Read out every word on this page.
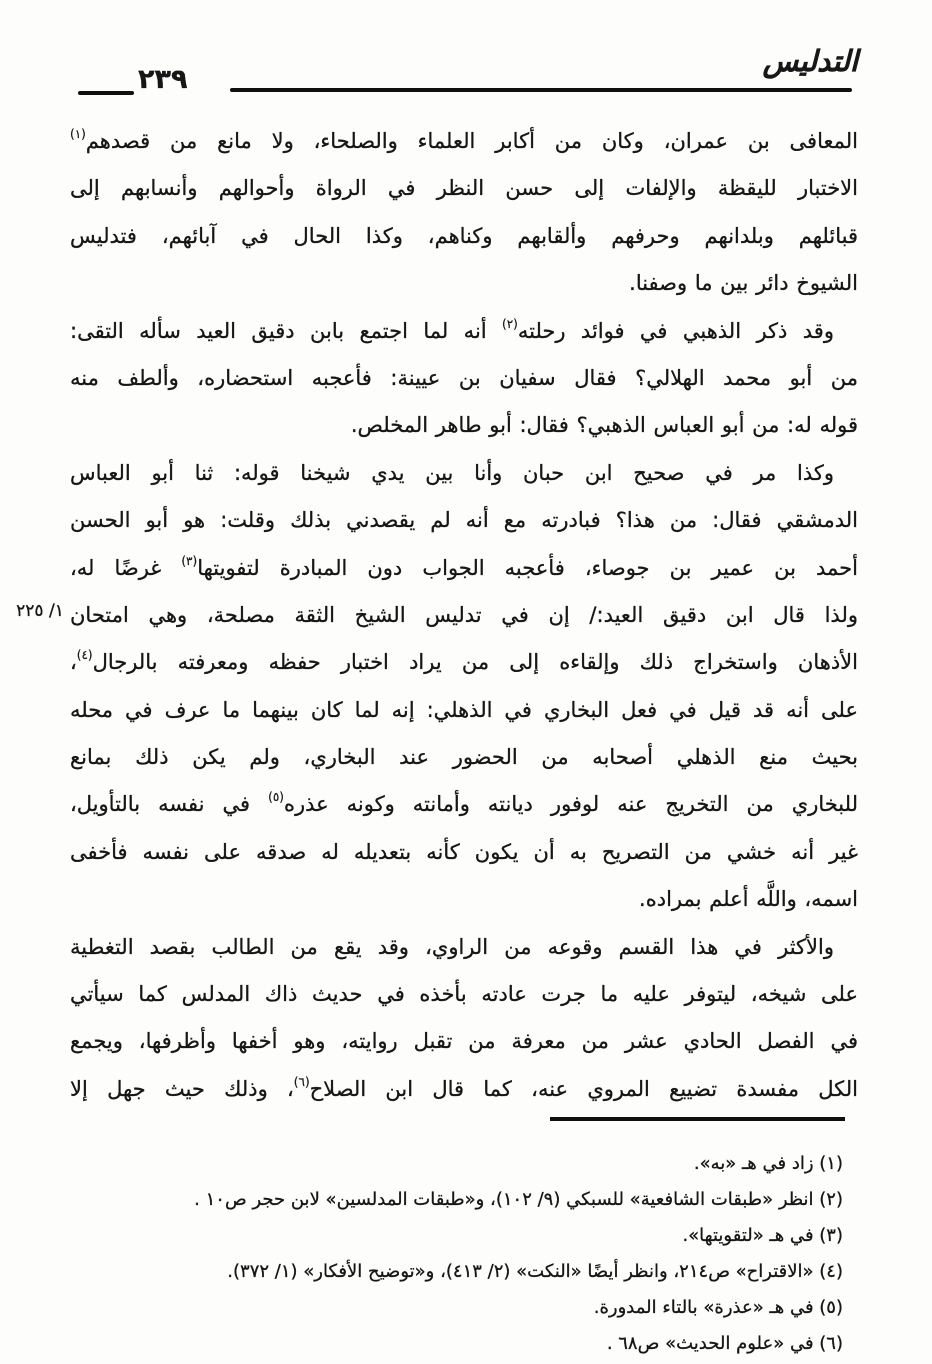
التدليس
٢٣٩
١/ ٢٢٥
المعافى بن عمران، وكان من أكابر العلماء والصلحاء، ولا مانع من قصدهم$^{(١)}$
الاختبار لليقظة والإلفات إلى حسن النظر في الرواة وأحوالهم وأنسابهم إلى
قبائلهم وبلدانهم وحرفهم وألقابهم وكناهم، وكذا الحال في آبائهم، فتدليس
الشيوخ دائر بين ما وصفنا.
وقد ذكر الذهبي في فوائد رحلته$^{(٢)}$ أنه لما اجتمع بابن دقيق العيد سأله التقى:
من أبو محمد الهلالي؟ فقال سفيان بن عيينة: فأعجبه استحضاره، وألطف منه
قوله له: من أبو العباس الذهبي؟ فقال: أبو طاهر المخلص.
وكذا مر في صحيح ابن حبان وأنا بين يدي شيخنا قوله: ثنا أبو العباس
الدمشقي فقال: من هذا؟ فبادرته مع أنه لم يقصدني بذلك وقلت: هو أبو الحسن
أحمد بن عمير بن جوصاء، فأعجبه الجواب دون المبادرة لتفويتها$^{(٣)}$ غرضًا له،
ولذا قال ابن دقيق العيد:/ إن في تدليس الشيخ الثقة مصلحة، وهي امتحان
الأذهان واستخراج ذلك وإلقاءه إلى من يراد اختبار حفظه ومعرفته بالرجال$^{(٤)}$،
على أنه قد قيل في فعل البخاري في الذهلي: إنه لما كان بينهما ما عرف في محله
بحيث منع الذهلي أصحابه من الحضور عند البخاري، ولم يكن ذلك بمانع
للبخاري من التخريج عنه لوفور ديانته وأمانته وكونه عذره$^{(٥)}$ في نفسه بالتأويل،
غير أنه خشي من التصريح به أن يكون كأنه بتعديله له صدقه على نفسه فأخفى
اسمه، واللَّه أعلم بمراده.
والأكثر في هذا القسم وقوعه من الراوي، وقد يقع من الطالب بقصد التغطية
على شيخه، ليتوفر عليه ما جرت عادته بأخذه في حديث ذاك المدلس كما سيأتي
في الفصل الحادي عشر من معرفة من تقبل روايته، وهو أخفها وأظرفها، ويجمع
الكل مفسدة تضييع المروي عنه، كما قال ابن الصلاح$^{(٦)}$، وذلك حيث جهل إلا
(١) زاد في هـ «به».
(٢) انظر «طبقات الشافعية» للسبكي (٩/ ١٠٢)، و«طبقات المدلسين» لابن حجر ص١٠ .
(٣) في هـ «لتقويتها».
(٤) «الاقتراح» ص٢١٤، وانظر أيضًا «النكت» (٢/ ٤١٣)، و«توضيح الأفكار» (١/ ٣٧٢).
(٥) في هـ «عذرة» بالتاء المدورة.
(٦) في «علوم الحديث» ص٦٨ .
